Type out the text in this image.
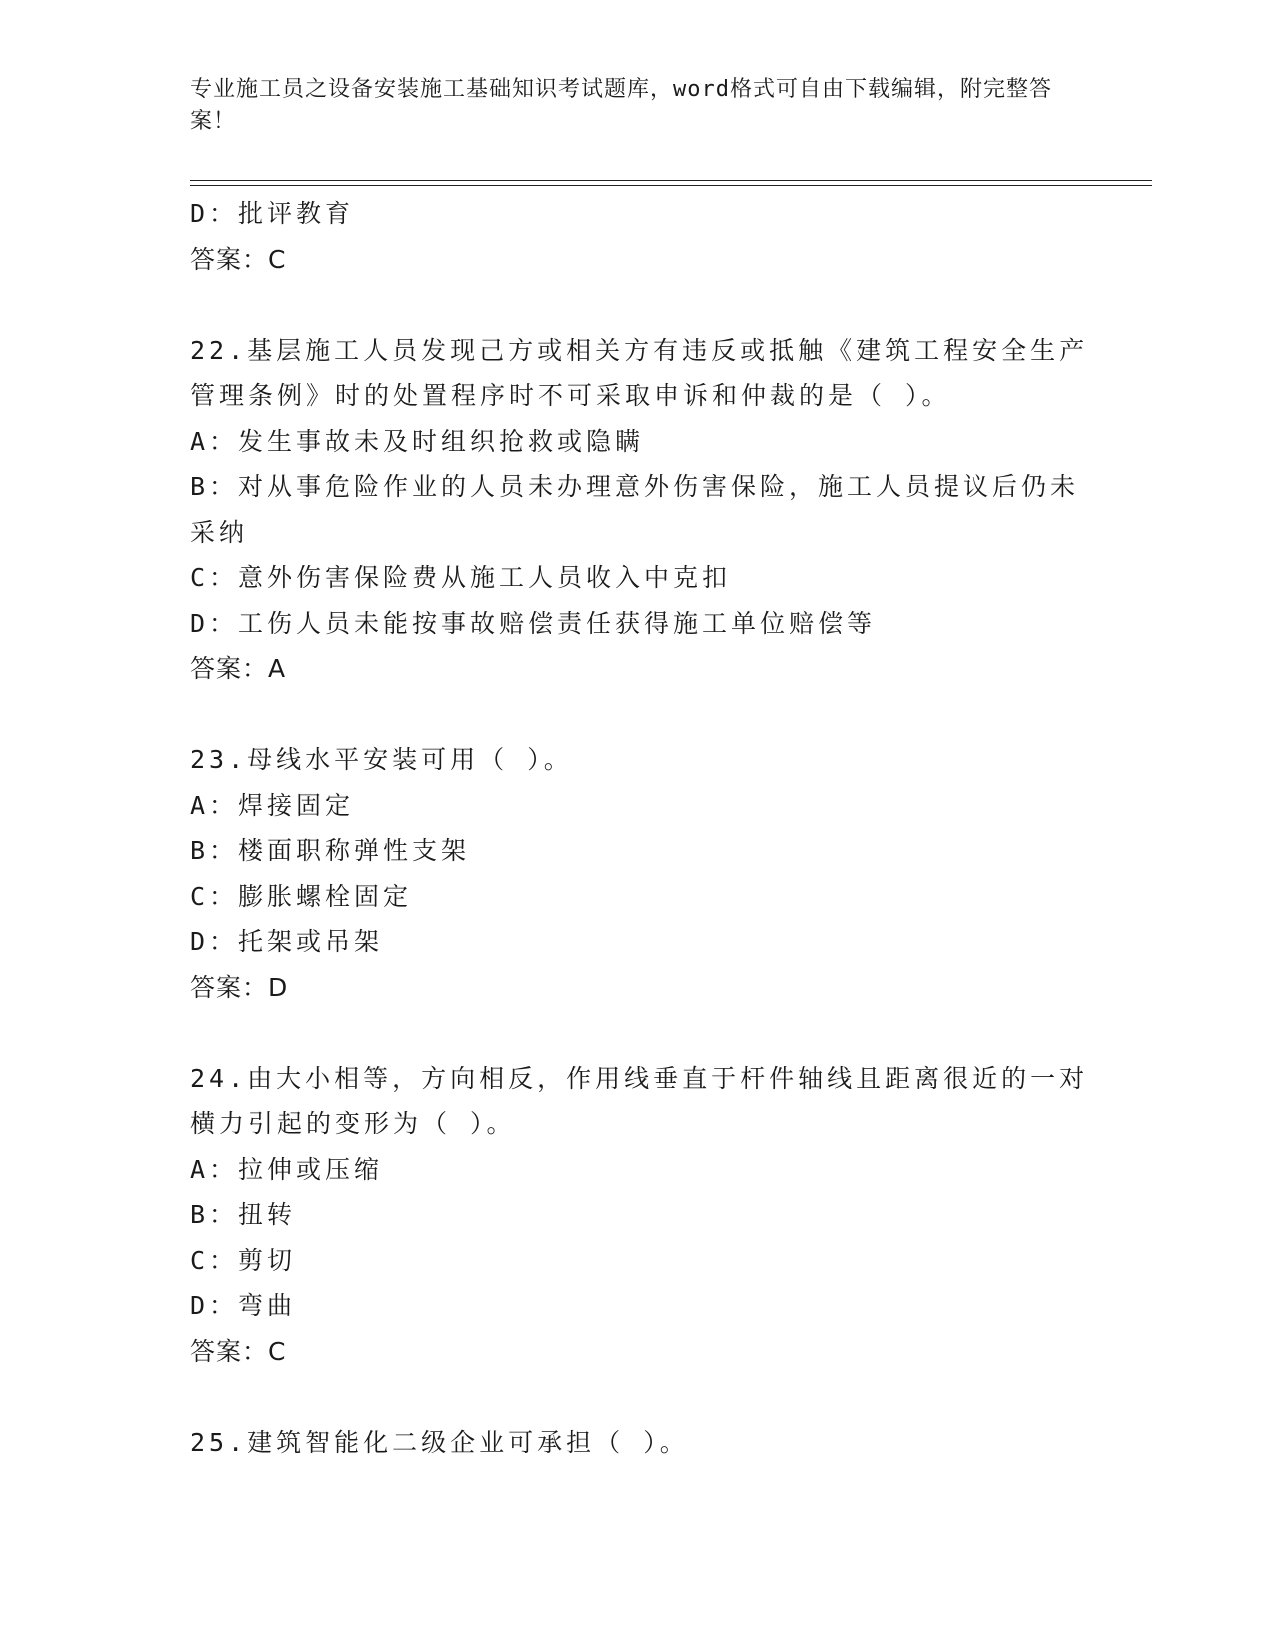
专业施工员之设备安装施工基础知识考试题库，word格式可自由下载编辑，附完整答案！
D：批评教育
答案：C
22.基层施工人员发现己方或相关方有违反或抵触《建筑工程安全生产
管理条例》时的处置程序时不可采取申诉和仲裁的是（ ）。
A：发生事故未及时组织抢救或隐瞒
B：对从事危险作业的人员未办理意外伤害保险，施工人员提议后仍未
采纳
C：意外伤害保险费从施工人员收入中克扣
D：工伤人员未能按事故赔偿责任获得施工单位赔偿等
答案：A
23.母线水平安装可用（ ）。
A：焊接固定
B：楼面职称弹性支架
C：膨胀螺栓固定
D：托架或吊架
答案：D
24.由大小相等，方向相反，作用线垂直于杆件轴线且距离很近的一对
横力引起的变形为（ ）。
A：拉伸或压缩
B：扭转
C：剪切
D：弯曲
答案：C
25.建筑智能化二级企业可承担（ ）。
